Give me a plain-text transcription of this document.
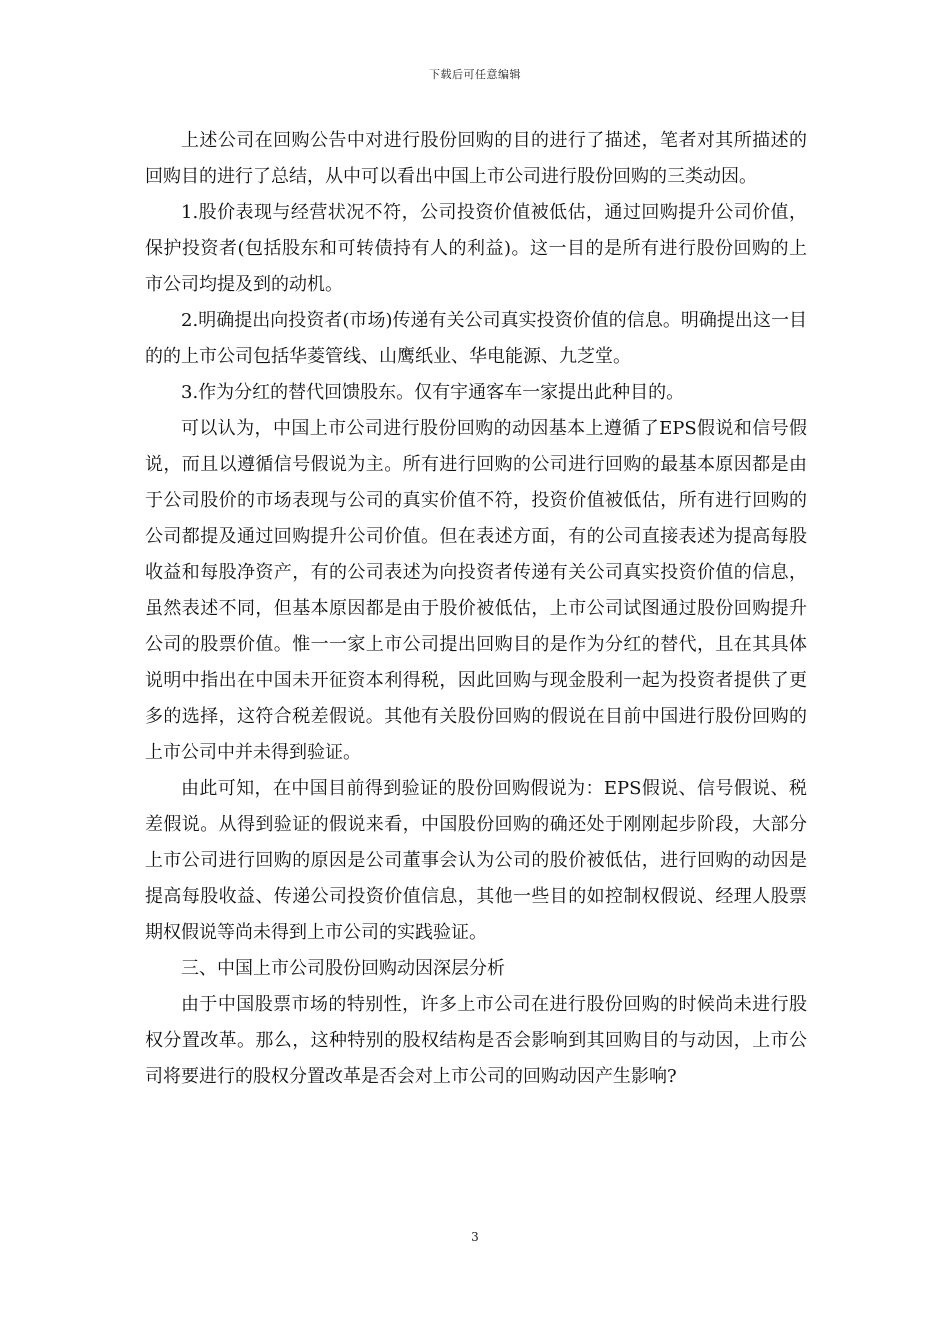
下载后可任意编辑

上述公司在回购公告中对进行股份回购的目的进行了描述，笔者对其所描述的回购目的进行了总结，从中可以看出中国上市公司进行股份回购的三类动因。

1.股价表现与经营状况不符，公司投资价值被低估，通过回购提升公司价值，保护投资者(包括股东和可转债持有人的利益)。这一目的是所有进行股份回购的上市公司均提及到的动机。

2.明确提出向投资者(市场)传递有关公司真实投资价值的信息。明确提出这一目的的上市公司包括华菱管线、山鹰纸业、华电能源、九芝堂。

3.作为分红的替代回馈股东。仅有宇通客车一家提出此种目的。

可以认为，中国上市公司进行股份回购的动因基本上遵循了EPS假说和信号假说，而且以遵循信号假说为主。所有进行回购的公司进行回购的最基本原因都是由于公司股价的市场表现与公司的真实价值不符，投资价值被低估，所有进行回购的公司都提及通过回购提升公司价值。但在表述方面，有的公司直接表述为提高每股收益和每股净资产，有的公司表述为向投资者传递有关公司真实投资价值的信息，虽然表述不同，但基本原因都是由于股价被低估，上市公司试图通过股份回购提升公司的股票价值。惟一一家上市公司提出回购目的是作为分红的替代，且在其具体说明中指出在中国未开征资本利得税，因此回购与现金股利一起为投资者提供了更多的选择，这符合税差假说。其他有关股份回购的假说在目前中国进行股份回购的上市公司中并未得到验证。

由此可知，在中国目前得到验证的股份回购假说为：EPS假说、信号假说、税差假说。从得到验证的假说来看，中国股份回购的确还处于刚刚起步阶段，大部分上市公司进行回购的原因是公司董事会认为公司的股价被低估，进行回购的动因是提高每股收益、传递公司投资价值信息，其他一些目的如控制权假说、经理人股票期权假说等尚未得到上市公司的实践验证。

三、中国上市公司股份回购动因深层分析

由于中国股票市场的特别性，许多上市公司在进行股份回购的时候尚未进行股权分置改革。那么，这种特别的股权结构是否会影响到其回购目的与动因，上市公司将要进行的股权分置改革是否会对上市公司的回购动因产生影响?

3
